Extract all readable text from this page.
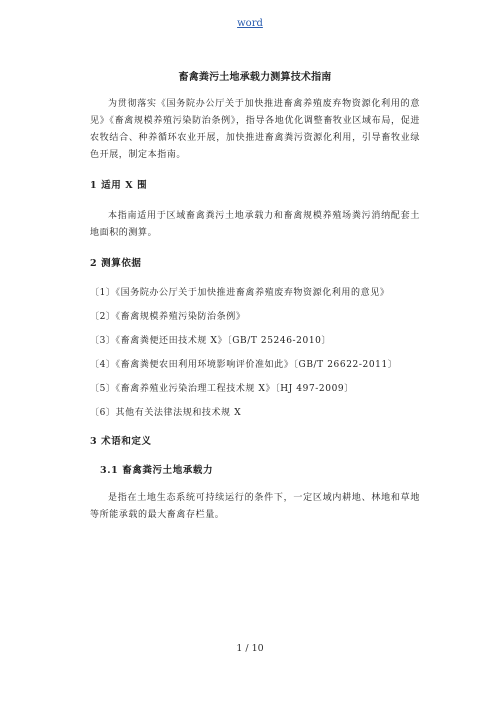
word
畜禽粪污土地承载力测算技术指南

为贯彻落实《国务院办公厅关于加快推进畜禽养殖废弃物资源化利用的意见》《畜禽规模养殖污染防治条例》，指导各地优化调整畜牧业区域布局，促进农牧结合、种养循环农业开展，加快推进畜禽粪污资源化利用，引导畜牧业绿色开展，制定本指南。

1 适用 X 围

本指南适用于区域畜禽粪污土地承载力和畜禽规模养殖场粪污消纳配套土地面积的测算。

2 测算依据

〔1〕《国务院办公厅关于加快推进畜禽养殖废弃物资源化利用的意见》

〔2〕《畜禽规模养殖污染防治条例》

〔3〕《畜禽粪便还田技术规 X》〔GB/T 25246-2010〕

〔4〕《畜禽粪便农田利用环境影响评价准如此》〔GB/T 26622-2011〕

〔5〕《畜禽养殖业污染治理工程技术规 X》〔HJ 497-2009〕

〔6〕其他有关法律法规和技术规 X

3 术语和定义

3.1 畜禽粪污土地承载力

是指在土地生态系统可持续运行的条件下，一定区域内耕地、林地和草地等所能承载的最大畜禽存栏量。

1 / 10
